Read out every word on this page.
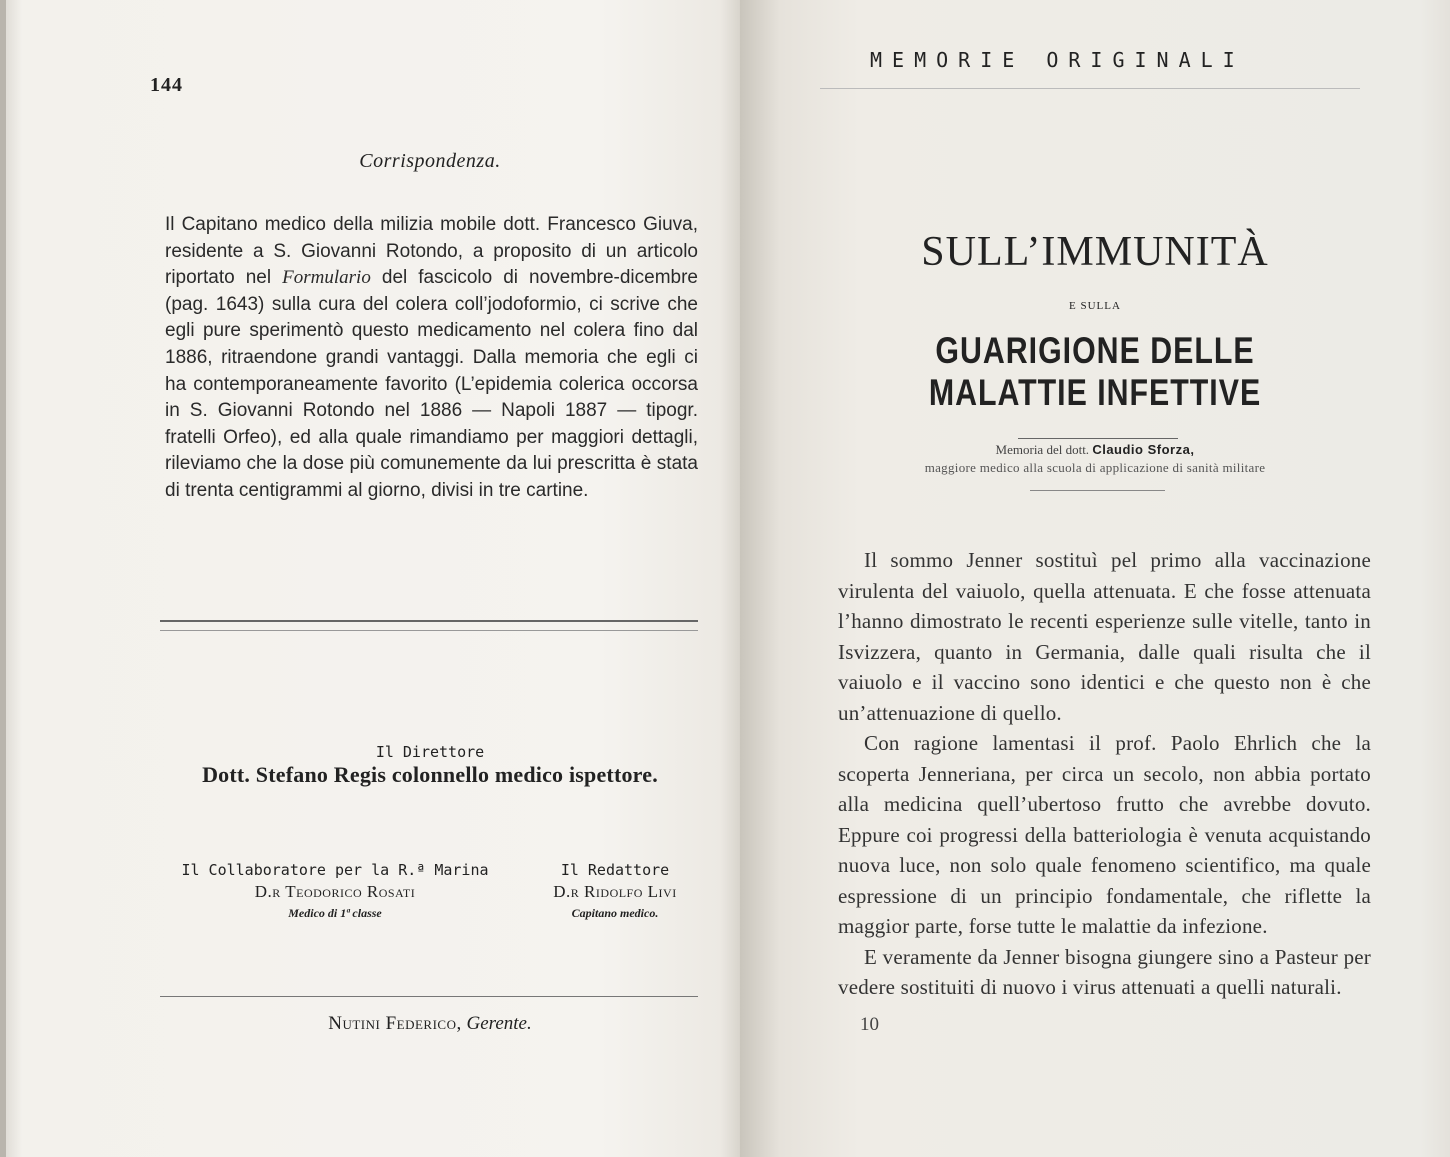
144
Corrispondenza.
Il Capitano medico della milizia mobile dott. Francesco Giuva, residente a S. Giovanni Rotondo, a proposito di un articolo riportato nel Formulario del fascicolo di novembre-dicembre (pag. 1643) sulla cura del colera coll’jodoformio, ci scrive che egli pure sperimentò questo medicamento nel colera fino dal 1886, ritraendone grandi vantaggi. Dalla memoria che egli ci ha contemporaneamente favorito (L’epidemia colerica occorsa in S. Giovanni Rotondo nel 1886 — Napoli 1887 — tipogr. fratelli Orfeo), ed alla quale rimandiamo per maggiori dettagli, rileviamo che la dose più comunemente da lui prescritta è stata di trenta centigrammi al giorno, divisi in tre cartine.
Il Direttore
Dott. Stefano Regis colonnello medico ispettore.
Il Collaboratore per la R.ª Marina
D.r Teodorico Rosati
Medico di 1ª classe
Il Redattore
D.r Ridolfo Livi
Capitano medico.
Nutini Federico, Gerente.
MEMORIE ORIGINALI
SULL’IMMUNITÀ
E SULLA
GUARIGIONE DELLE MALATTIE INFETTIVE
Memoria del dott. Claudio Sforza,
maggiore medico alla scuola di applicazione di sanità militare

Il sommo Jenner sostituì pel primo alla vaccinazione virulenta del vaiuolo, quella attenuata. E che fosse attenuata l’hanno dimostrato le recenti esperienze sulle vitelle, tanto in Isvizzera, quanto in Germania, dalle quali risulta che il vaiuolo e il vaccino sono identici e che questo non è che un’attenuazione di quello.

Con ragione lamentasi il prof. Paolo Ehrlich che la scoperta Jenneriana, per circa un secolo, non abbia portato alla medicina quell’ubertoso frutto che avrebbe dovuto. Eppure coi progressi della batteriologia è venuta acquistando nuova luce, non solo quale fenomeno scientifico, ma quale espressione di un principio fondamentale, che riflette la maggior parte, forse tutte le malattie da infezione.

E veramente da Jenner bisogna giungere sino a Pasteur per vedere sostituiti di nuovo i virus attenuati a quelli naturali.

10
